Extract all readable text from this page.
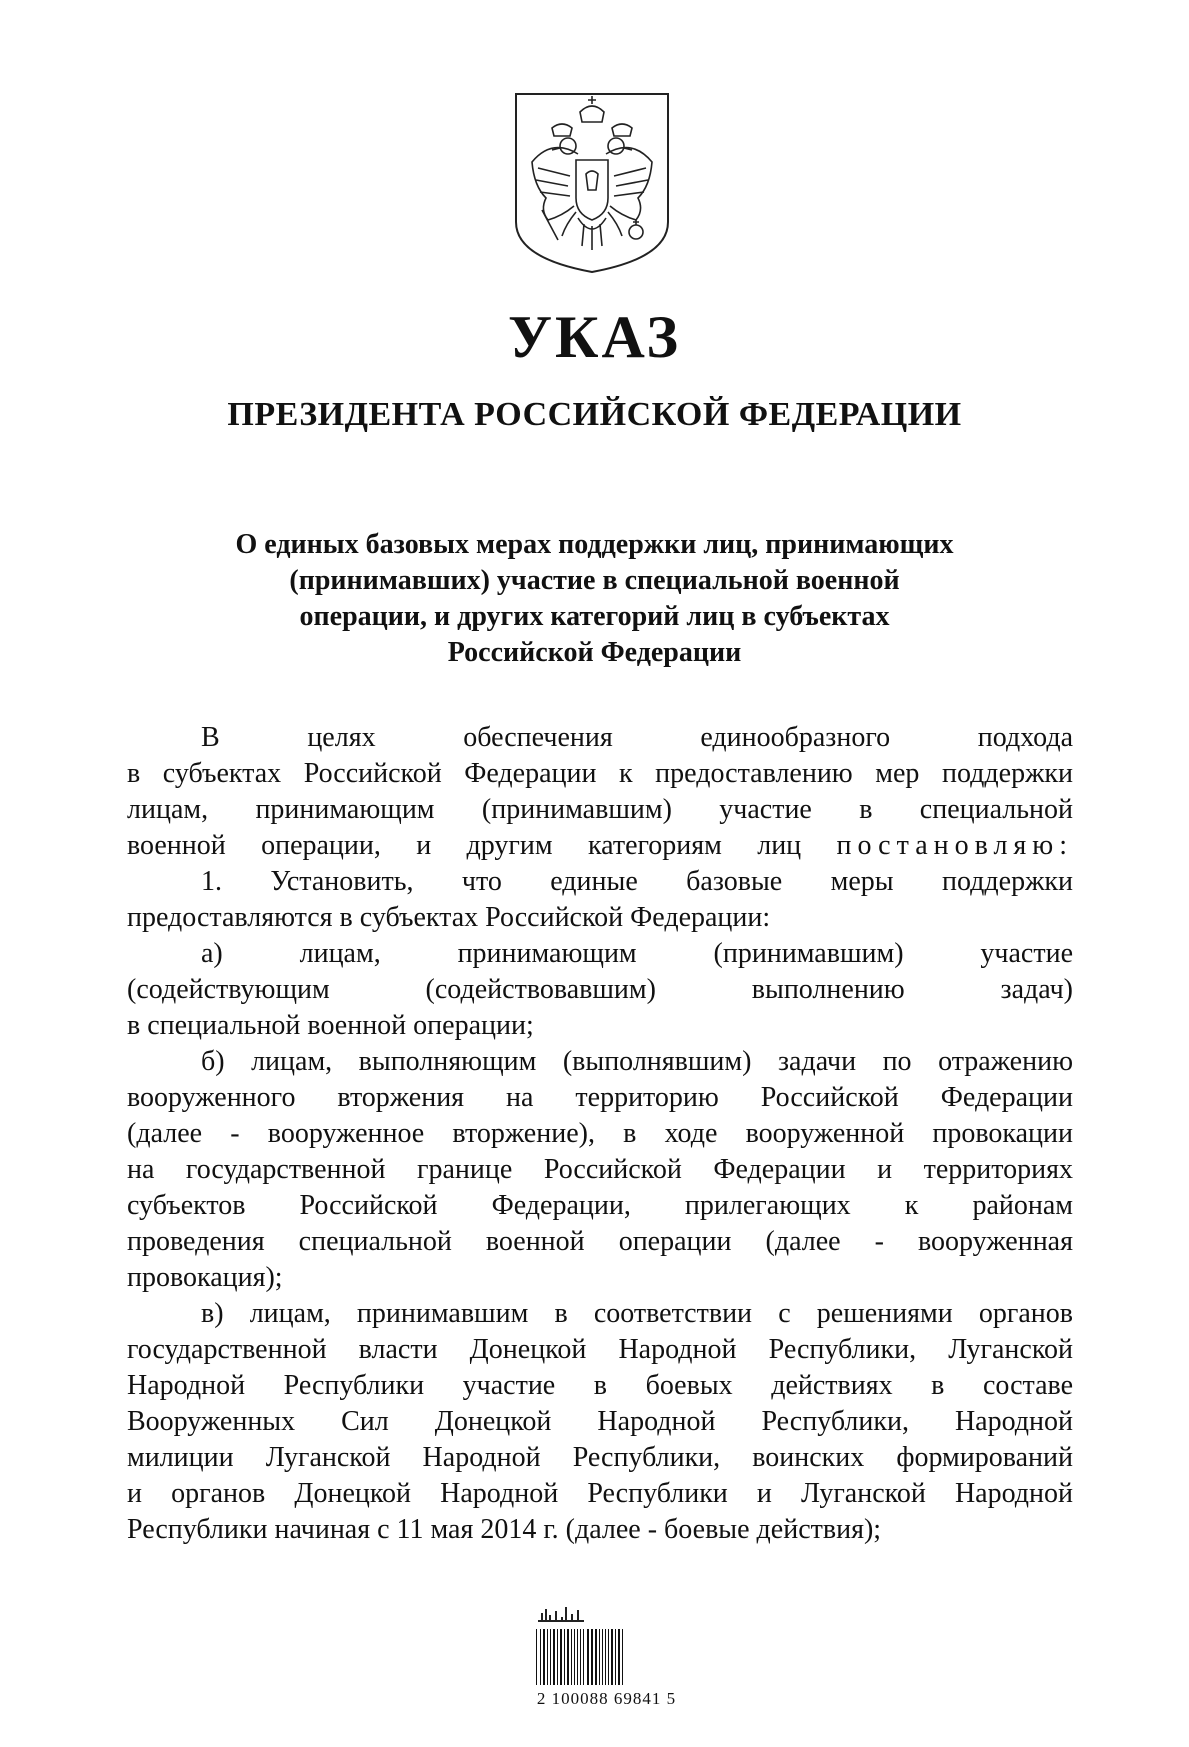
УКАЗ
ПРЕЗИДЕНТА РОССИЙСКОЙ ФЕДЕРАЦИИ
О единых базовых мерах поддержки лиц, принимающих
(принимавших) участие в специальной военной
операции, и других категорий лиц в субъектах
Российской Федерации

В целях обеспечения единообразного подхода

в субъектах Российской Федерации к предоставлению мер поддержки

лицам, принимающим (принимавшим) участие в специальной

военной операции, и другим категориям лиц постановляю:

1. Установить, что единые базовые меры поддержки

предоставляются в субъектах Российской Федерации:

а) лицам, принимающим (принимавшим) участие

(содействующим (содействовавшим) выполнению задач)

в специальной военной операции;

б) лицам, выполняющим (выполнявшим) задачи по отражению

вооруженного вторжения на территорию Российской Федерации

(далее - вооруженное вторжение), в ходе вооруженной провокации

на государственной границе Российской Федерации и территориях

субъектов Российской Федерации, прилегающих к районам

проведения специальной военной операции (далее - вооруженная

провокация);

в) лицам, принимавшим в соответствии с решениями органов

государственной власти Донецкой Народной Республики, Луганской

Народной Республики участие в боевых действиях в составе

Вооруженных Сил Донецкой Народной Республики, Народной

милиции Луганской Народной Республики, воинских формирований

и органов Донецкой Народной Республики и Луганской Народной

Республики начиная с 11 мая 2014 г. (далее - боевые действия);

2 100088 69841 5
